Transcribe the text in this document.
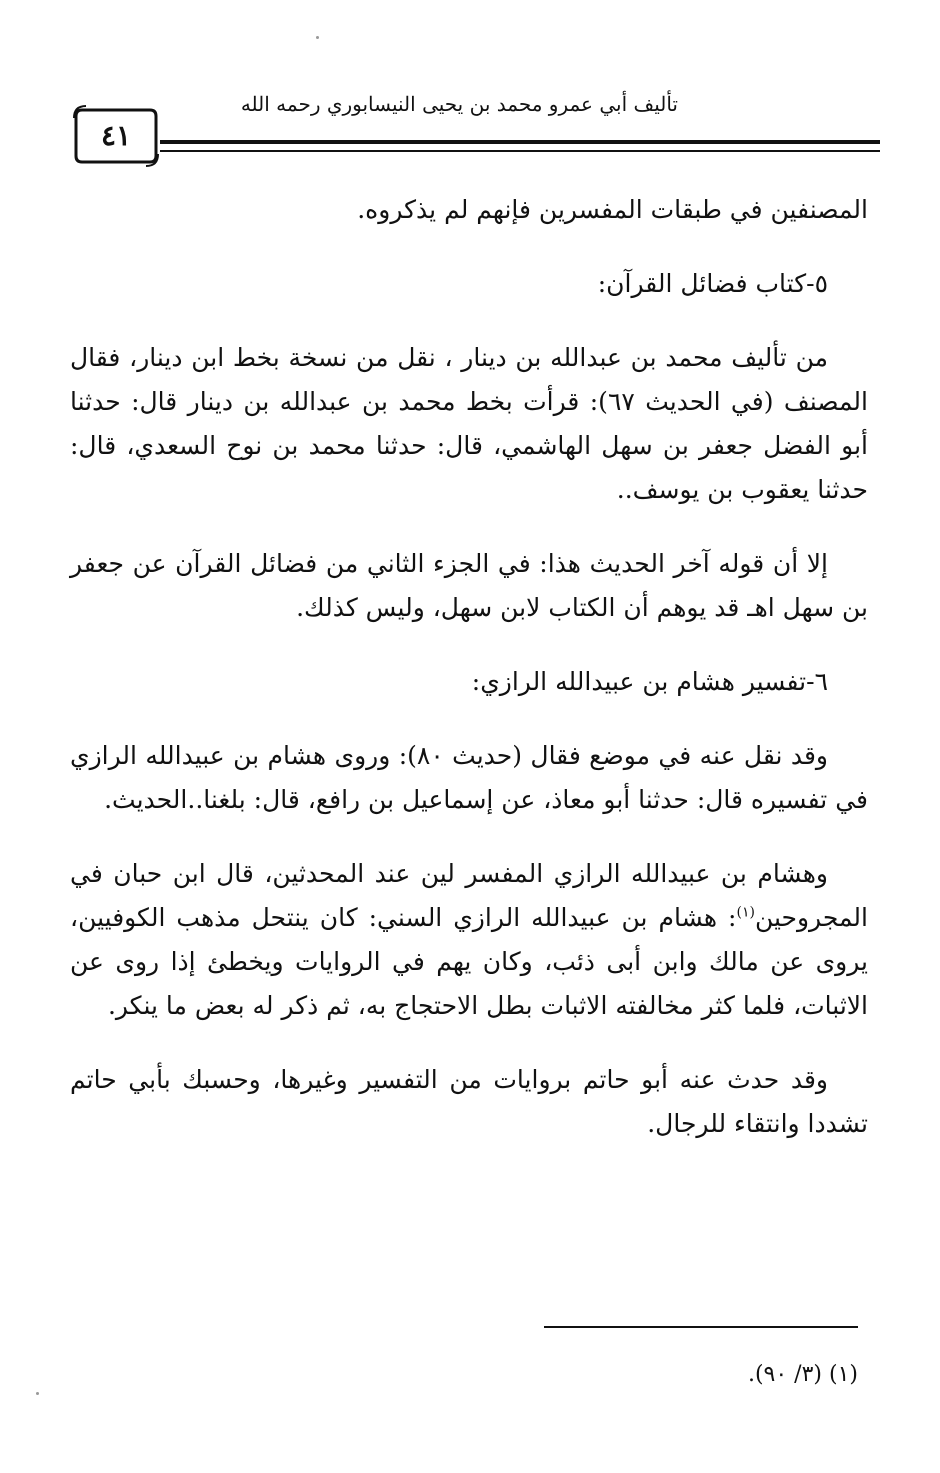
تأليف أبي عمرو محمد بن يحيى النيسابوري رحمه الله
٤١

المصنفين في طبقات المفسرين فإنهم لم يذكروه.

٥-كتاب فضائل القرآن:

من تأليف محمد بن عبدالله بن دينار ، نقل من نسخة بخط ابن دينار، فقال المصنف (في الحديث ٦٧): قرأت بخط محمد بن عبدالله بن دينار قال: حدثنا أبو الفضل جعفر بن سهل الهاشمي، قال: حدثنا محمد بن نوح السعدي، قال: حدثنا يعقوب بن يوسف..

إلا أن قوله آخر الحديث هذا: في الجزء الثاني من فضائل القرآن عن جعفر بن سهل اهـ قد يوهم أن الكتاب لابن سهل، وليس كذلك.

٦-تفسير هشام بن عبيدالله الرازي:

وقد نقل عنه في موضع فقال (حديث ٨٠): وروى هشام بن عبيدالله الرازي في تفسيره قال: حدثنا أبو معاذ، عن إسماعيل بن رافع، قال: بلغنا..الحديث.

وهشام بن عبيدالله الرازي المفسر لين عند المحدثين، قال ابن حبان في المجروحين$^{(١)}$: هشام بن عبيدالله الرازي السني: كان ينتحل مذهب الكوفيين، يروى عن مالك وابن أبى ذئب، وكان يهم في الروايات ويخطئ إذا روى عن الاثبات، فلما كثر مخالفته الاثبات بطل الاحتجاج به، ثم ذكر له بعض ما ينكر.

وقد حدث عنه أبو حاتم بروايات من التفسير وغيرها، وحسبك بأبي حاتم تشددا وانتقاء للرجال.

(١) (٣/ ٩٠).
